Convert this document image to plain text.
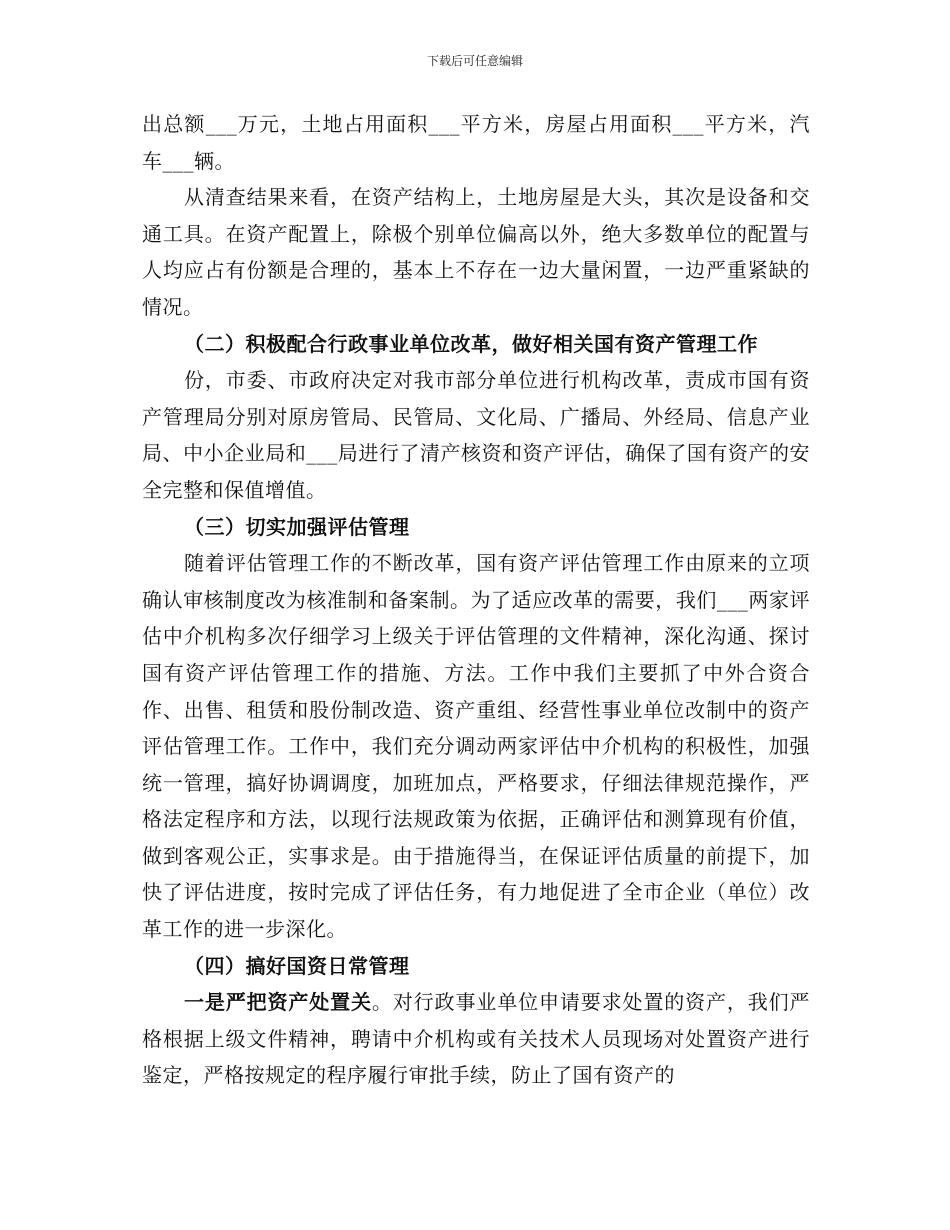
下载后可任意编辑

出总额___万元，土地占用面积___平方米，房屋占用面积___平方米，汽车___辆。

从清查结果来看，在资产结构上，土地房屋是大头，其次是设备和交通工具。在资产配置上，除极个别单位偏高以外，绝大多数单位的配置与人均应占有份额是合理的，基本上不存在一边大量闲置，一边严重紧缺的情况。

（二）积极配合行政事业单位改革，做好相关国有资产管理工作

份，市委、市政府决定对我市部分单位进行机构改革，责成市国有资产管理局分别对原房管局、民管局、文化局、广播局、外经局、信息产业局、中小企业局和___局进行了清产核资和资产评估，确保了国有资产的安全完整和保值增值。

（三）切实加强评估管理

随着评估管理工作的不断改革，国有资产评估管理工作由原来的立项确认审核制度改为核准制和备案制。为了适应改革的需要，我们___两家评估中介机构多次仔细学习上级关于评估管理的文件精神，深化沟通、探讨国有资产评估管理工作的措施、方法。工作中我们主要抓了中外合资合作、出售、租赁和股份制改造、资产重组、经营性事业单位改制中的资产评估管理工作。工作中，我们充分调动两家评估中介机构的积极性，加强统一管理，搞好协调调度，加班加点，严格要求，仔细法律规范操作，严格法定程序和方法，以现行法规政策为依据，正确评估和测算现有价值，做到客观公正，实事求是。由于措施得当，在保证评估质量的前提下，加快了评估进度，按时完成了评估任务，有力地促进了全市企业（单位）改革工作的进一步深化。

（四）搞好国资日常管理

一是严把资产处置关。对行政事业单位申请要求处置的资产，我们严格根据上级文件精神，聘请中介机构或有关技术人员现场对处置资产进行鉴定，严格按规定的程序履行审批手续，防止了国有资产的
